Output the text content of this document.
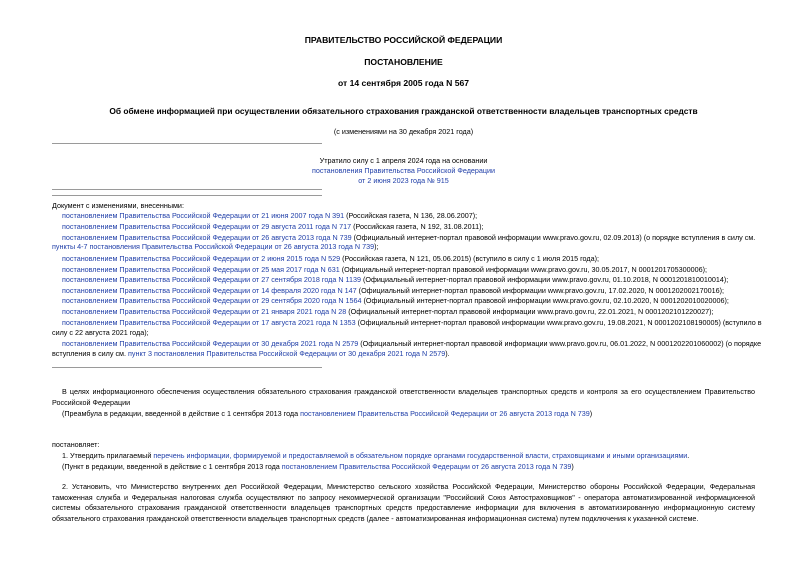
ПРАВИТЕЛЬСТВО РОССИЙСКОЙ ФЕДЕРАЦИИ
ПОСТАНОВЛЕНИЕ
от 14 сентября 2005 года N 567
Об обмене информацией при осуществлении обязательного страхования гражданской ответственности владельцев транспортных средств
(с изменениями на 30 декабря 2021 года)
Утратило силу с 1 апреля 2024 года на основании
постановления Правительства Российской Федерации
от 2 июня 2023 года № 915
Документ с изменениями, внесенными:
постановлением Правительства Российской Федерации от 21 июня 2007 года N 391 (Российская газета, N 136, 28.06.2007);
постановлением Правительства Российской Федерации от 29 августа 2011 года N 717 (Российская газета, N 192, 31.08.2011);
постановлением Правительства Российской Федерации от 26 августа 2013 года N 739 (Официальный интернет-портал правовой информации www.pravo.gov.ru, 02.09.2013) (о порядке вступления в силу см.
пункты 4-7 постановления Правительства Российской Федерации от 26 августа 2013 года N 739);
постановлением Правительства Российской Федерации от 2 июня 2015 года N 529 (Российская газета, N 121, 05.06.2015) (вступило в силу с 1 июля 2015 года);
постановлением Правительства Российской Федерации от 25 мая 2017 года N 631 (Официальный интернет-портал правовой информации www.pravo.gov.ru, 30.05.2017, N 0001201705300006);
постановлением Правительства Российской Федерации от 27 сентября 2018 года N 1139 (Официальный интернет-портал правовой информации www.pravo.gov.ru, 01.10.2018, N 0001201810010014);
постановлением Правительства Российской Федерации от 14 февраля 2020 года N 147 (Официальный интернет-портал правовой информации www.pravo.gov.ru, 17.02.2020, N 0001202002170016);
постановлением Правительства Российской Федерации от 29 сентября 2020 года N 1564 (Официальный интернет-портал правовой информации www.pravo.gov.ru, 02.10.2020, N 0001202010020006);
постановлением Правительства Российской Федерации от 21 января 2021 года N 28 (Официальный интернет-портал правовой информации www.pravo.gov.ru, 22.01.2021, N 0001202101220027);
постановлением Правительства Российской Федерации от 17 августа 2021 года N 1353 (Официальный интернет-портал правовой информации www.pravo.gov.ru, 19.08.2021, N 0001202108190005) (вступило в
силу с 22 августа 2021 года);
постановлением Правительства Российской Федерации от 30 декабря 2021 года N 2579 (Официальный интернет-портал правовой информации www.pravo.gov.ru, 06.01.2022, N 0001202201060002) (о порядке
вступления в силу см. пункт 3 постановления Правительства Российской Федерации от 30 декабря 2021 года N 2579).
В целях информационного обеспечения осуществления обязательного страхования гражданской ответственности владельцев транспортных средств и контроля за его осуществлением Правительство Российской Федерации
(Преамбула в редакции, введенной в действие с 1 сентября 2013 года постановлением Правительства Российской Федерации от 26 августа 2013 года N 739)
постановляет:
1. Утвердить прилагаемый перечень информации, формируемой и предоставляемой в обязательном порядке органами государственной власти, страховщиками и иными организациями.
(Пункт в редакции, введенной в действие с 1 сентября 2013 года постановлением Правительства Российской Федерации от 26 августа 2013 года N 739)
2. Установить, что Министерство внутренних дел Российской Федерации, Министерство сельского хозяйства Российской Федерации, Министерство обороны Российской Федерации, Федеральная таможенная служба и Федеральная налоговая служба осуществляют по запросу некоммерческой организации "Российский Союз Автостраховщиков" - оператора автоматизированной информационной системы обязательного страхования гражданской ответственности владельцев транспортных средств предоставление информации для включения в автоматизированную информационную систему обязательного страхования гражданской ответственности владельцев транспортных средств (далее - автоматизированная информационная система) путем подключения к указанной системе.
